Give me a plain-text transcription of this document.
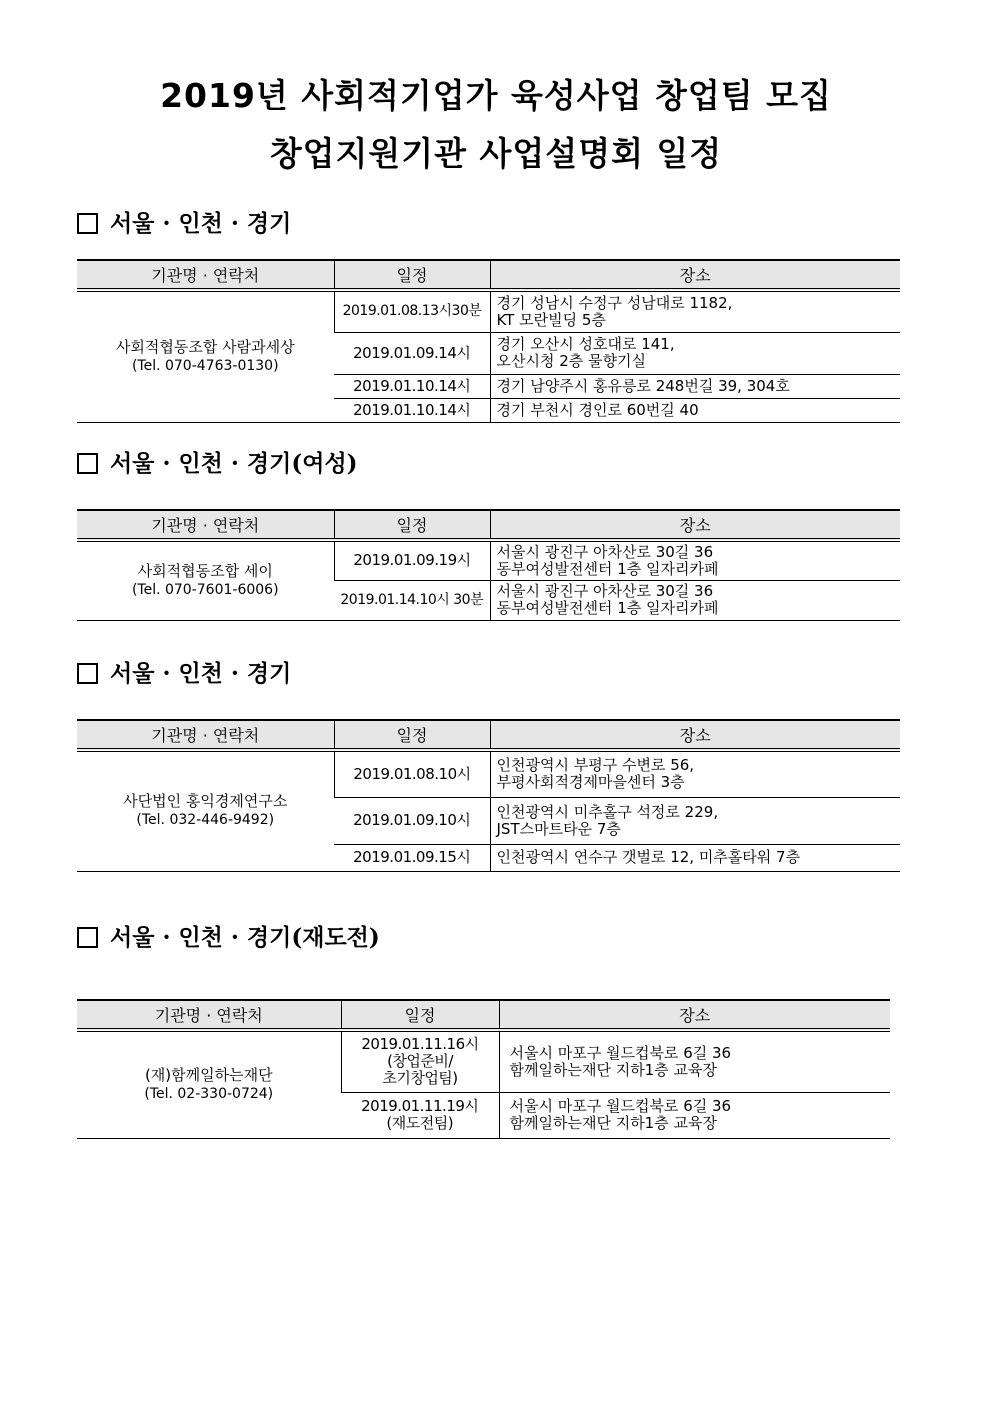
2019년 사회적기업가 육성사업 창업팀 모집
창업지원기관 사업설명회 일정
서울 · 인천 · 경기
기관명 · 연락처	일정	장소
사회적협동조합 사람과세상

(Tel. 070-4763-0130)	2019.01.08.13시30분	경기 성남시 수정구 성남대로 1182,
KT 모란빌딩 5층
	2019.01.09.14시	경기 오산시 성호대로 141,
오산시청 2층 물향기실
	2019.01.10.14시	경기 남양주시 홍유릉로 248번길 39, 304호
	2019.01.10.14시	경기 부천시 경인로 60번길 40
서울 · 인천 · 경기(여성)
기관명 · 연락처	일정	장소
사회적협동조합 세이

(Tel. 070-7601-6006)	2019.01.09.19시	서울시 광진구 아차산로 30길 36
동부여성발전센터 1층 일자리카페
	2019.01.14.10시 30분	서울시 광진구 아차산로 30길 36
동부여성발전센터 1층 일자리카페
서울 · 인천 · 경기
기관명 · 연락처	일정	장소
사단법인 홍익경제연구소

(Tel. 032-446-9492)	2019.01.08.10시	인천광역시 부평구 수변로 56,
부평사회적경제마을센터 3층
	2019.01.09.10시	인천광역시 미추홀구 석정로 229,
JST스마트타운 7층
	2019.01.09.15시	인천광역시 연수구 갯벌로 12, 미추홀타워 7층
서울 · 인천 · 경기(재도전)
기관명 · 연락처	일정	장소
(재)함께일하는재단

(Tel. 02-330-0724)	2019.01.11.16시
(창업준비/
초기창업팀)	서울시 마포구 월드컵북로 6길 36
함께일하는재단 지하1층 교육장
	2019.01.11.19시
(재도전팀)	서울시 마포구 월드컵북로 6길 36
함께일하는재단 지하1층 교육장
